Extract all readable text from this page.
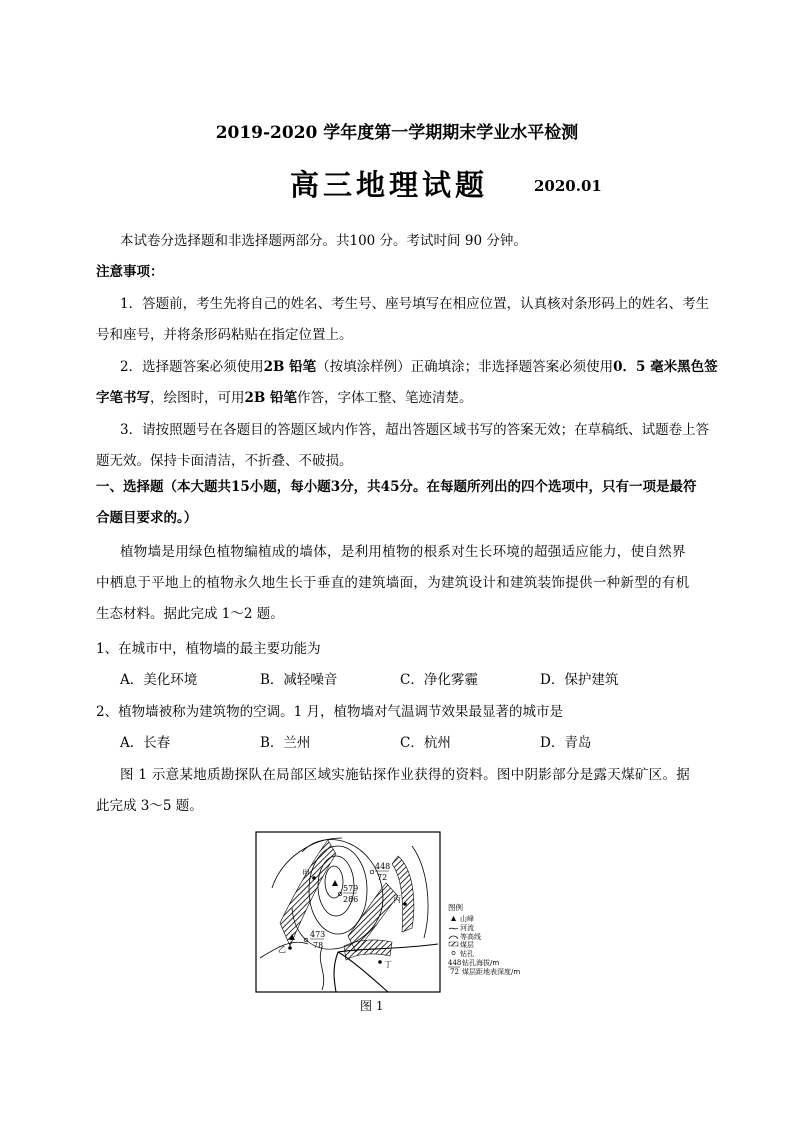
2019-2020 学年度第一学期期末学业水平检测
高三地理试题	2020.01
本试卷分选择题和非选择题两部分。共100 分。考试时间 90 分钟。
注意事项：
1．答题前，考生先将自己的姓名、考生号、座号填写在相应位置，认真核对条形码上的姓名、考生
号和座号，并将条形码粘贴在指定位置上。
2．选择题答案必须使用2B 铅笔（按填涂样例）正确填涂；非选择题答案必须使用0．5 毫米黑色签
字笔书写，绘图时，可用2B 铅笔作答，字体工整、笔迹清楚。
3．请按照题号在各题目的答题区域内作答，超出答题区域书写的答案无效；在草稿纸、试题卷上答
题无效。保持卡面清洁，不折叠、不破损。
一、选择题（本大题共15小题，每小题3分，共45分。在每题所列出的四个选项中，只有一项是最符
合题目要求的。）
植物墙是用绿色植物编植成的墙体，是利用植物的根系对生长环境的超强适应能力，使自然界
中栖息于平地上的植物永久地生长于垂直的建筑墙面，为建筑设计和建筑装饰提供一种新型的有机
生态材料。据此完成 1～2 题。
1、在城市中，植物墙的最主要功能为
A．美化环境	B．减轻噪音	C．净化雾霾	D．保护建筑
2、植物墙被称为建筑物的空调。1 月，植物墙对气温调节效果最显著的城市是
A．长春	B．兰州	C．杭州	D．青岛
图 1 示意某地质勘探队在局部区域实施钻探作业获得的资料。图中阴影部分是露天煤矿区。据
此完成 3～5 题。
甲
乙
丙
丁
448
72
579
286
473
78
图例
山峰
河流
等高线
煤层
钻孔
448 钻孔海拔/m
72 煤层距地表深度/m
图 1
